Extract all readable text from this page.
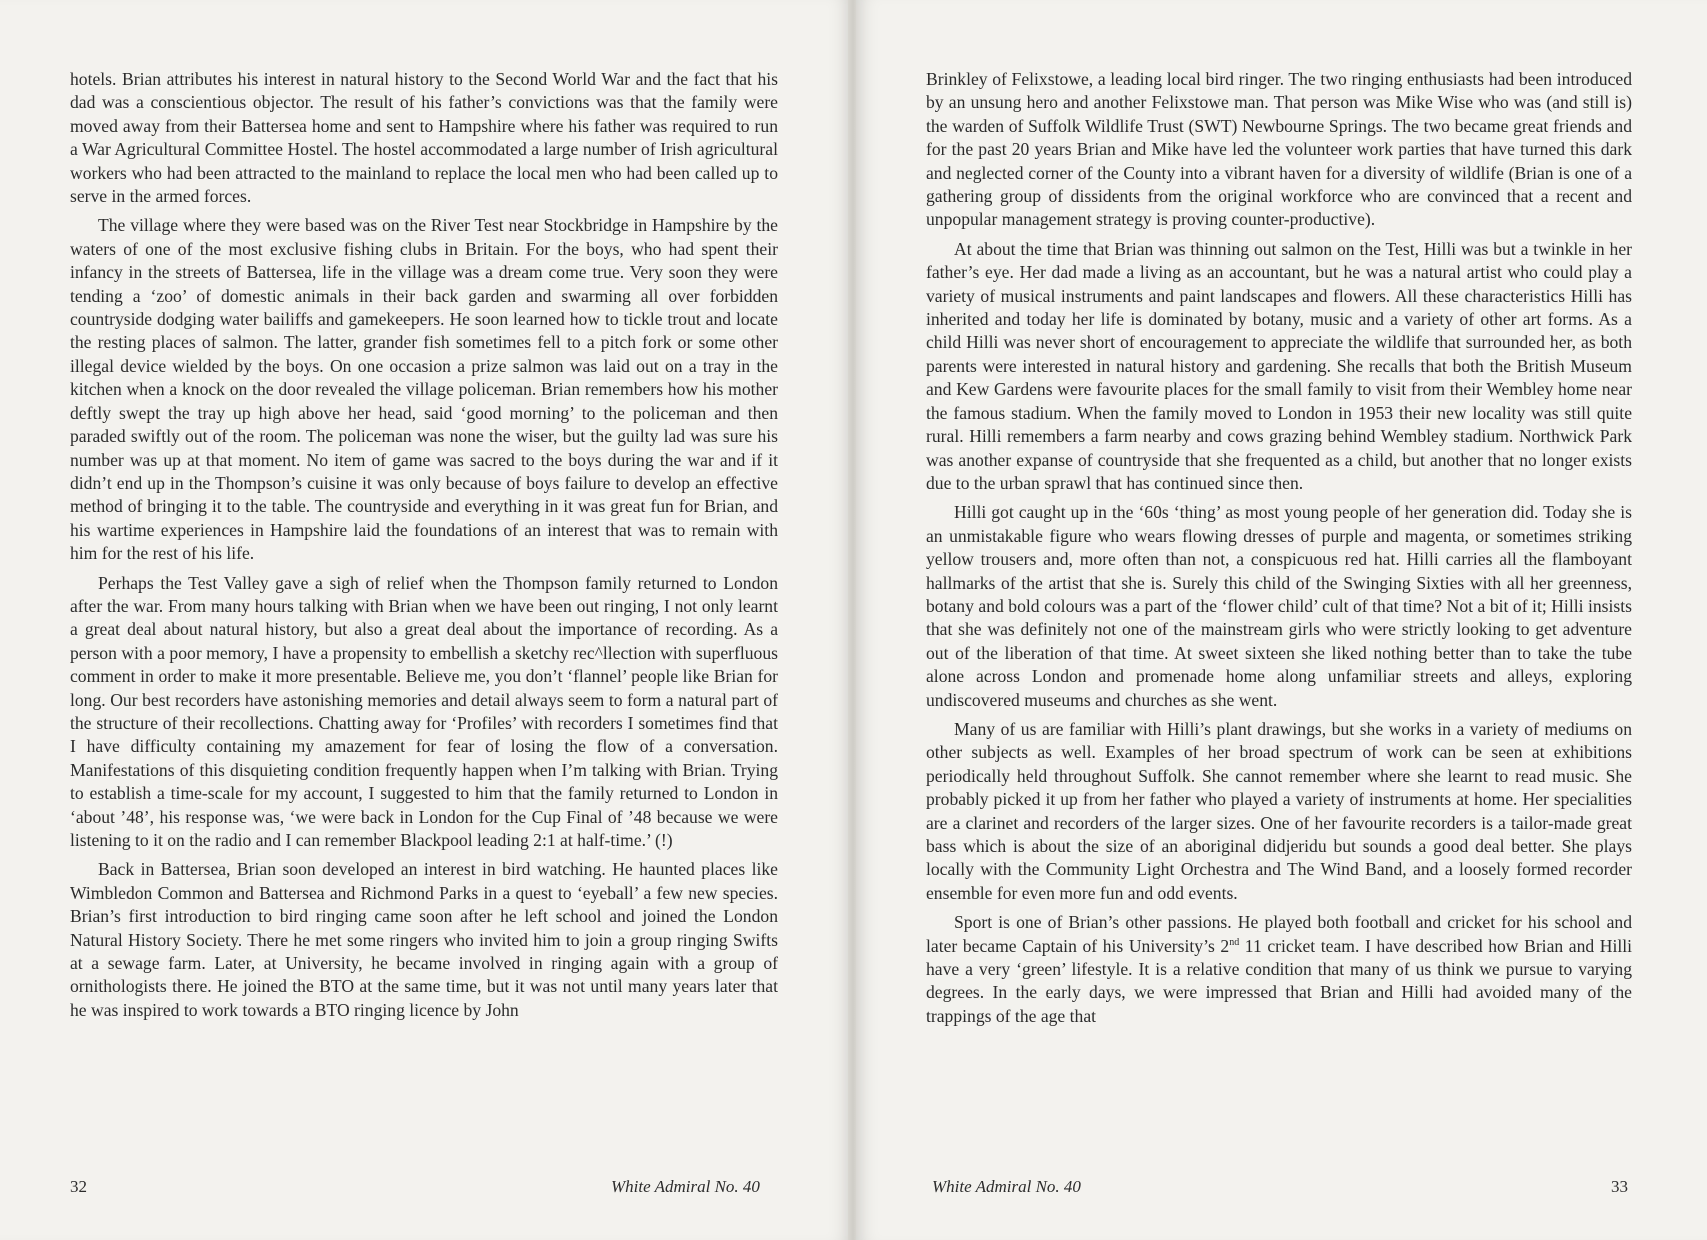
hotels. Brian attributes his interest in natural history to the Second World War and the fact that his dad was a conscientious objector. The result of his father’s convictions was that the family were moved away from their Battersea home and sent to Hampshire where his father was required to run a War Agricultural Committee Hostel. The hostel accommodated a large number of Irish agricultural workers who had been attracted to the mainland to replace the local men who had been called up to serve in the armed forces.

The village where they were based was on the River Test near Stockbridge in Hampshire by the waters of one of the most exclusive fishing clubs in Britain. For the boys, who had spent their infancy in the streets of Battersea, life in the village was a dream come true. Very soon they were tending a ‘zoo’ of domestic animals in their back garden and swarming all over forbidden countryside dodging water bailiffs and gamekeepers. He soon learned how to tickle trout and locate the resting places of salmon. The latter, grander fish sometimes fell to a pitch fork or some other illegal device wielded by the boys. On one occasion a prize salmon was laid out on a tray in the kitchen when a knock on the door revealed the village policeman. Brian remembers how his mother deftly swept the tray up high above her head, said ‘good morning’ to the policeman and then paraded swiftly out of the room. The policeman was none the wiser, but the guilty lad was sure his number was up at that moment. No item of game was sacred to the boys during the war and if it didn’t end up in the Thompson’s cuisine it was only because of boys failure to develop an effective method of bringing it to the table. The countryside and everything in it was great fun for Brian, and his wartime experiences in Hampshire laid the foundations of an interest that was to remain with him for the rest of his life.

Perhaps the Test Valley gave a sigh of relief when the Thompson family returned to London after the war. From many hours talking with Brian when we have been out ringing, I not only learnt a great deal about natural history, but also a great deal about the importance of recording. As a person with a poor memory, I have a propensity to embellish a sketchy rec^llection with superfluous comment in order to make it more presentable. Believe me, you don’t ‘flannel’ people like Brian for long. Our best recorders have astonishing memories and detail always seem to form a natural part of the structure of their recollections. Chatting away for ‘Profiles’ with recorders I sometimes find that I have difficulty containing my amazement for fear of losing the flow of a conversation. Manifestations of this disquieting condition frequently happen when I’m talking with Brian. Trying to establish a time-scale for my account, I suggested to him that the family returned to London in ‘about ’48’, his response was, ‘we were back in London for the Cup Final of ’48 because we were listening to it on the radio and I can remember Blackpool leading 2:1 at half-time.’ (!)

Back in Battersea, Brian soon developed an interest in bird watching. He haunted places like Wimbledon Common and Battersea and Richmond Parks in a quest to ‘eyeball’ a few new species. Brian’s first introduction to bird ringing came soon after he left school and joined the London Natural History Society. There he met some ringers who invited him to join a group ringing Swifts at a sewage farm. Later, at University, he became involved in ringing again with a group of ornithologists there. He joined the BTO at the same time, but it was not until many years later that he was inspired to work towards a BTO ringing licence by John

32	White Admiral No. 40

Brinkley of Felixstowe, a leading local bird ringer. The two ringing enthusiasts had been introduced by an unsung hero and another Felixstowe man. That person was Mike Wise who was (and still is) the warden of Suffolk Wildlife Trust (SWT) Newbourne Springs. The two became great friends and for the past 20 years Brian and Mike have led the volunteer work parties that have turned this dark and neglected corner of the County into a vibrant haven for a diversity of wildlife (Brian is one of a gathering group of dissidents from the original workforce who are convinced that a recent and unpopular management strategy is proving counter-productive).

At about the time that Brian was thinning out salmon on the Test, Hilli was but a twinkle in her father’s eye. Her dad made a living as an accountant, but he was a natural artist who could play a variety of musical instruments and paint landscapes and flowers. All these characteristics Hilli has inherited and today her life is dominated by botany, music and a variety of other art forms. As a child Hilli was never short of encouragement to appreciate the wildlife that surrounded her, as both parents were interested in natural history and gardening. She recalls that both the British Museum and Kew Gardens were favourite places for the small family to visit from their Wembley home near the famous stadium. When the family moved to London in 1953 their new locality was still quite rural. Hilli remembers a farm nearby and cows grazing behind Wembley stadium. Northwick Park was another expanse of countryside that she frequented as a child, but another that no longer exists due to the urban sprawl that has continued since then.

Hilli got caught up in the ‘60s ‘thing’ as most young people of her generation did. Today she is an unmistakable figure who wears flowing dresses of purple and magenta, or sometimes striking yellow trousers and, more often than not, a conspicuous red hat. Hilli carries all the flamboyant hallmarks of the artist that she is. Surely this child of the Swinging Sixties with all her greenness, botany and bold colours was a part of the ‘flower child’ cult of that time? Not a bit of it; Hilli insists that she was definitely not one of the mainstream girls who were strictly looking to get adventure out of the liberation of that time. At sweet sixteen she liked nothing better than to take the tube alone across London and promenade home along unfamiliar streets and alleys, exploring undiscovered museums and churches as she went.

Many of us are familiar with Hilli’s plant drawings, but she works in a variety of mediums on other subjects as well. Examples of her broad spectrum of work can be seen at exhibitions periodically held throughout Suffolk. She cannot remember where she learnt to read music. She probably picked it up from her father who played a variety of instruments at home. Her specialities are a clarinet and recorders of the larger sizes. One of her favourite recorders is a tailor-made great bass which is about the size of an aboriginal didjeridu but sounds a good deal better. She plays locally with the Community Light Orchestra and The Wind Band, and a loosely formed recorder ensemble for even more fun and odd events.

Sport is one of Brian’s other passions. He played both football and cricket for his school and later became Captain of his University’s 2nd 11 cricket team. I have described how Brian and Hilli have a very ‘green’ lifestyle. It is a relative condition that many of us think we pursue to varying degrees. In the early days, we were impressed that Brian and Hilli had avoided many of the trappings of the age that

White Admiral No. 40	33
